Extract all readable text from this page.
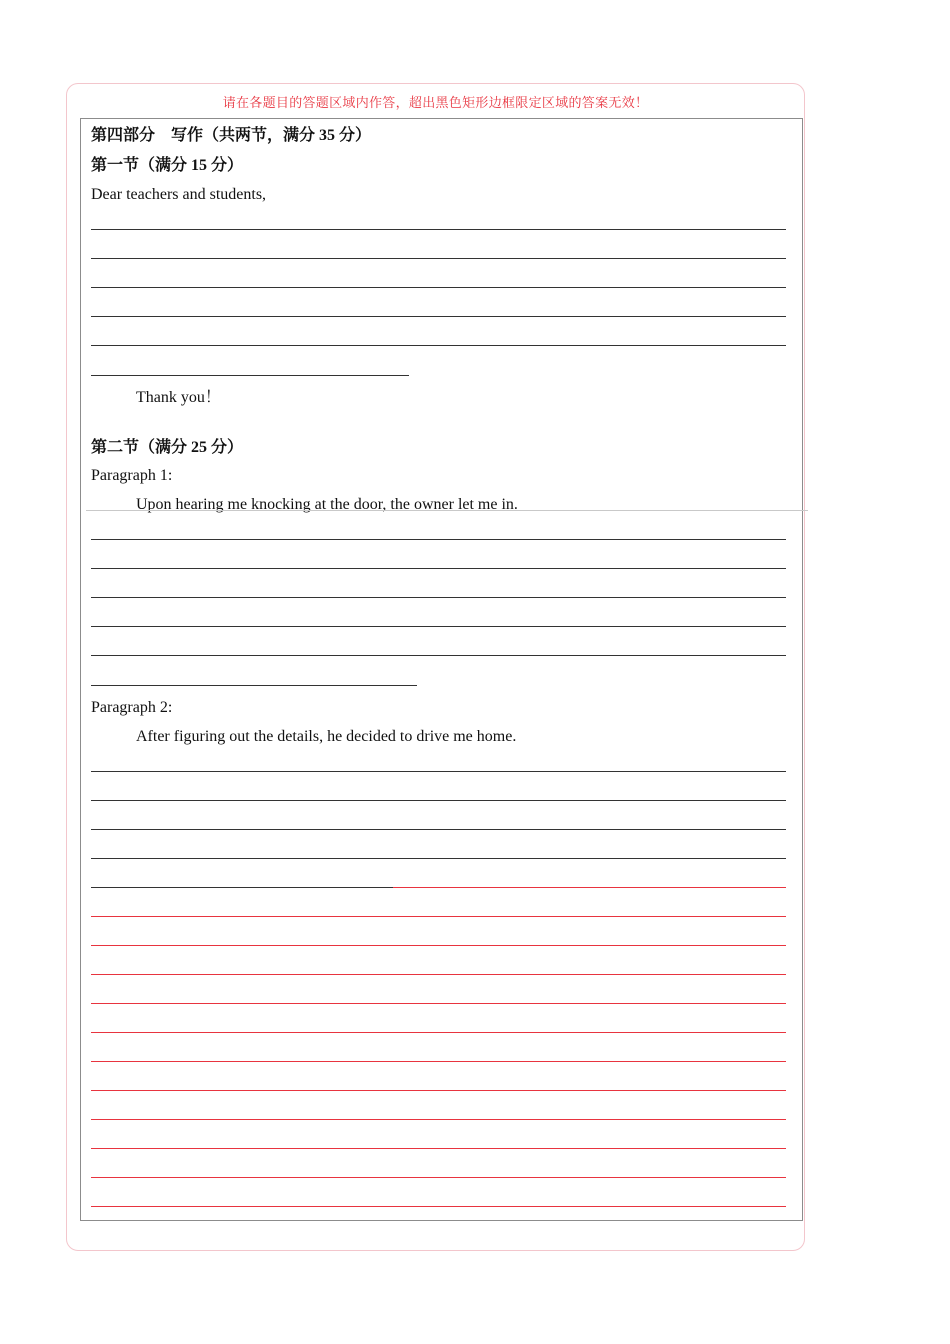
请在各题目的答题区域内作答，超出黑色矩形边框限定区域的答案无效！
第四部分　写作（共两节，满分 35 分）
第一节（满分 15 分）
Dear teachers and students,
Thank you！
第二节（满分 25 分）
Paragraph 1:
Upon hearing me knocking at the door, the owner let me in.
Paragraph 2:
After figuring out the details, he decided to drive me home.
